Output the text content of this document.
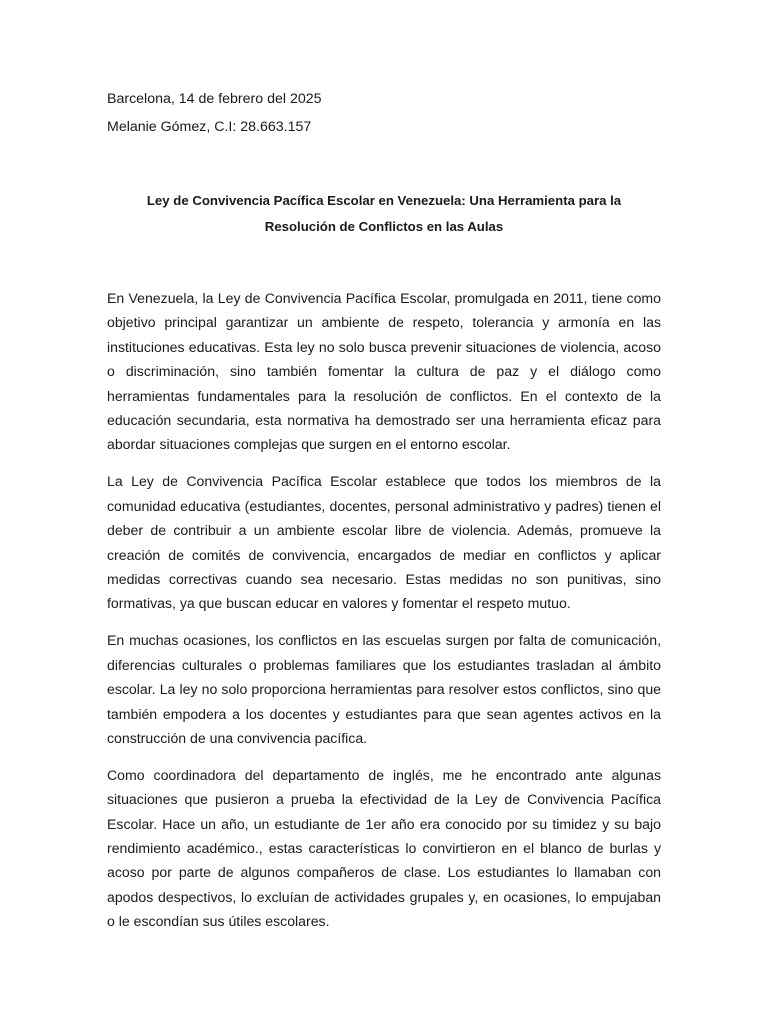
Barcelona, 14 de febrero del 2025

Melanie Gómez, C.I: 28.663.157

Ley de Convivencia Pacífica Escolar en Venezuela: Una Herramienta para la Resolución de Conflictos en las Aulas

En Venezuela, la Ley de Convivencia Pacífica Escolar, promulgada en 2011, tiene como objetivo principal garantizar un ambiente de respeto, tolerancia y armonía en las instituciones educativas. Esta ley no solo busca prevenir situaciones de violencia, acoso o discriminación, sino también fomentar la cultura de paz y el diálogo como herramientas fundamentales para la resolución de conflictos. En el contexto de la educación secundaria, esta normativa ha demostrado ser una herramienta eficaz para abordar situaciones complejas que surgen en el entorno escolar.

La Ley de Convivencia Pacífica Escolar establece que todos los miembros de la comunidad educativa (estudiantes, docentes, personal administrativo y padres) tienen el deber de contribuir a un ambiente escolar libre de violencia. Además, promueve la creación de comités de convivencia, encargados de mediar en conflictos y aplicar medidas correctivas cuando sea necesario. Estas medidas no son punitivas, sino formativas, ya que buscan educar en valores y fomentar el respeto mutuo.

En muchas ocasiones, los conflictos en las escuelas surgen por falta de comunicación, diferencias culturales o problemas familiares que los estudiantes trasladan al ámbito escolar. La ley no solo proporciona herramientas para resolver estos conflictos, sino que también empodera a los docentes y estudiantes para que sean agentes activos en la construcción de una convivencia pacífica.

Como coordinadora del departamento de inglés, me he encontrado ante algunas situaciones que pusieron a prueba la efectividad de la Ley de Convivencia Pacífica Escolar. Hace un año, un estudiante de 1er año era conocido por su timidez y su bajo rendimiento académico., estas características lo convirtieron en el blanco de burlas y acoso por parte de algunos compañeros de clase. Los estudiantes lo llamaban con apodos despectivos, lo excluían de actividades grupales y, en ocasiones, lo empujaban o le escondían sus útiles escolares.
